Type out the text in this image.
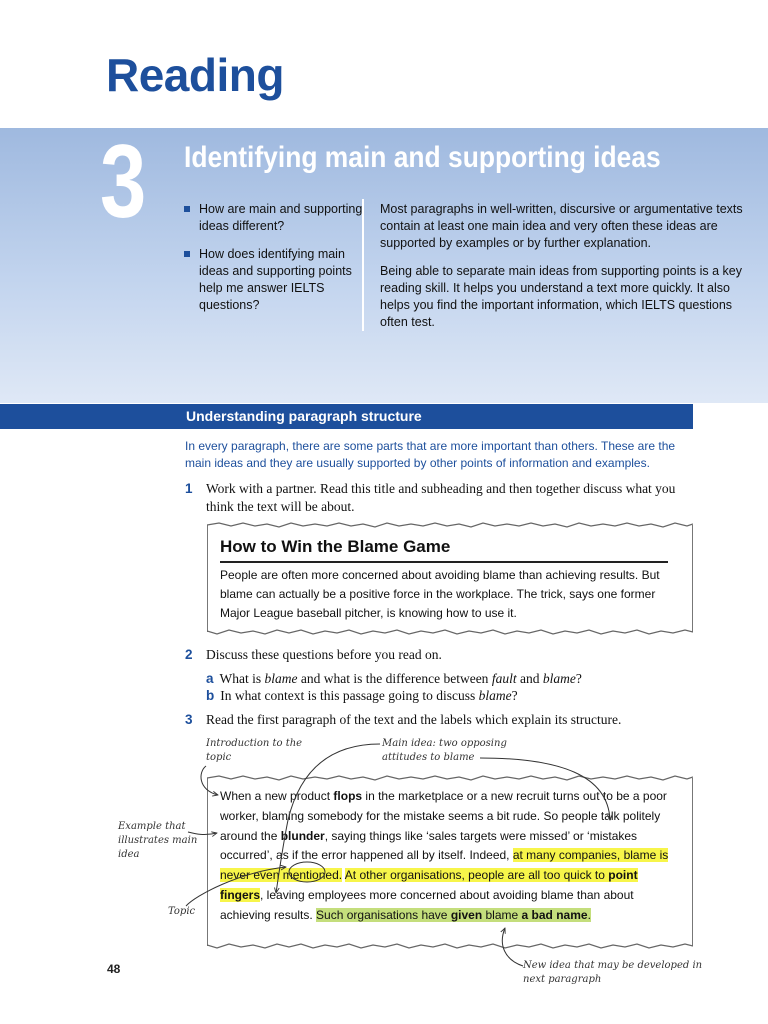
Reading
3 Identifying main and supporting ideas
How are main and supporting ideas different?
How does identifying main ideas and supporting points help me answer IELTS questions?

Most paragraphs in well-written, discursive or argumentative texts contain at least one main idea and very often these ideas are supported by examples or by further explanation.

Being able to separate main ideas from supporting points is a key reading skill. It helps you understand a text more quickly. It also helps you find the important information, which IELTS questions often test.

Understanding paragraph structure
In every paragraph, there are some parts that are more important than others. These are the main ideas and they are usually supported by other points of information and examples.
1 Work with a partner. Read this title and subheading and then together discuss what you think the text will be about.
How to Win the Blame Game
People are often more concerned about avoiding blame than achieving results. But blame can actually be a positive force in the workplace. The trick, says one former Major League baseball pitcher, is knowing how to use it.
2 Discuss these questions before you read on.
a What is blame and what is the difference between fault and blame?
b In what context is this passage going to discuss blame?
3 Read the first paragraph of the text and the labels which explain its structure.
When a new product flops in the marketplace or a new recruit turns out to be a poor worker, blaming somebody for the mistake seems a bit rude. So people talk politely around the blunder, saying things like ‘sales targets were missed’ or ‘mistakes occurred’, as if the error happened all by itself. Indeed, at many companies, blame is never even mentioned. At other organisations, people are all too quick to point fingers, leaving employees more concerned about avoiding blame than about achieving results. Such organisations have given blame a bad name.
Introduction to the topic
Main idea: two opposing attitudes to blame
Example that illustrates main idea
Topic
New idea that may be developed in next paragraph
48
